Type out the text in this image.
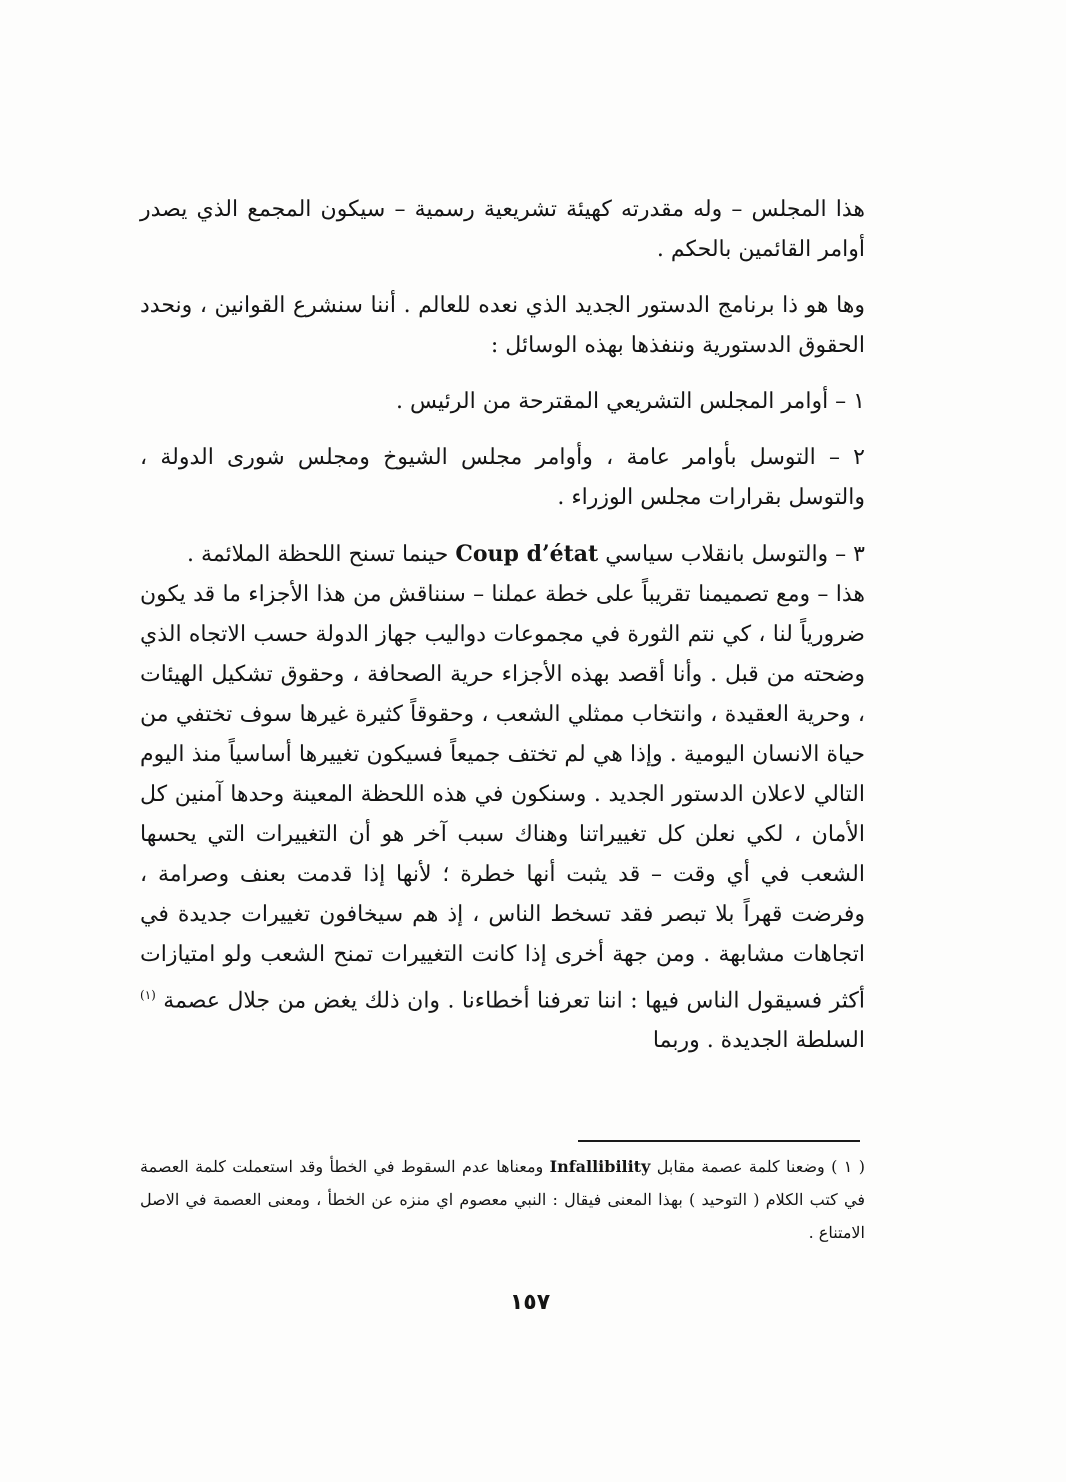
هذا المجلس – وله مقدرته كهيئة تشريعية رسمية – سيكون المجمع الذي يصدر أوامر القائمين بالحكم .

وها هو ذا برنامج الدستور الجديد الذي نعده للعالم . أننا سنشرع القوانين ، ونحدد الحقوق الدستورية وننفذها بهذه الوسائل :

١ – أوامر المجلس التشريعي المقترحة من الرئيس .

٢ – التوسل بأوامر عامة ، وأوامر مجلس الشيوخ ومجلس شورى الدولة ، والتوسل بقرارات مجلس الوزراء .

٣ – والتوسل بانقلاب سياسي Coup d’état حينما تسنح اللحظة الملائمة .

هذا – ومع تصميمنا تقريباً على خطة عملنا – سنناقش من هذا الأجزاء ما قد يكون ضرورياً لنا ، كي نتم الثورة في مجموعات دواليب جهاز الدولة حسب الاتجاه الذي وضحته من قبل . وأنا أقصد بهذه الأجزاء حرية الصحافة ، وحقوق تشكيل الهيئات ، وحرية العقيدة ، وانتخاب ممثلي الشعب ، وحقوقاً كثيرة غيرها سوف تختفي من حياة الانسان اليومية . وإذا هي لم تختف جميعاً فسيكون تغييرها أساسياً منذ اليوم التالي لاعلان الدستور الجديد . وسنكون في هذه اللحظة المعينة وحدها آمنين كل الأمان ، لكي نعلن كل تغييراتنا وهناك سبب آخر هو أن التغييرات التي يحسها الشعب في أي وقت – قد يثبت أنها خطرة ؛ لأنها إذا قدمت بعنف وصرامة ، وفرضت قهراً بلا تبصر فقد تسخط الناس ، إذ هم سيخافون تغييرات جديدة في اتجاهات مشابهة . ومن جهة أخرى إذا كانت التغييرات تمنح الشعب ولو امتيازات أكثر فسيقول الناس فيها : اننا تعرفنا أخطاءنا . وان ذلك يغض من جلال عصمة $^{(١)}$ السلطة الجديدة . وربما

( ١ ) وضعنا كلمة عصمة مقابل Infallibility ومعناها عدم السقوط في الخطأ وقد استعملت كلمة العصمة في كتب الكلام ( التوحيد ) بهذا المعنى فيقال : النبي معصوم اي منزه عن الخطأ ، ومعنى العصمة في الاصل الامتناع .

١٥٧
